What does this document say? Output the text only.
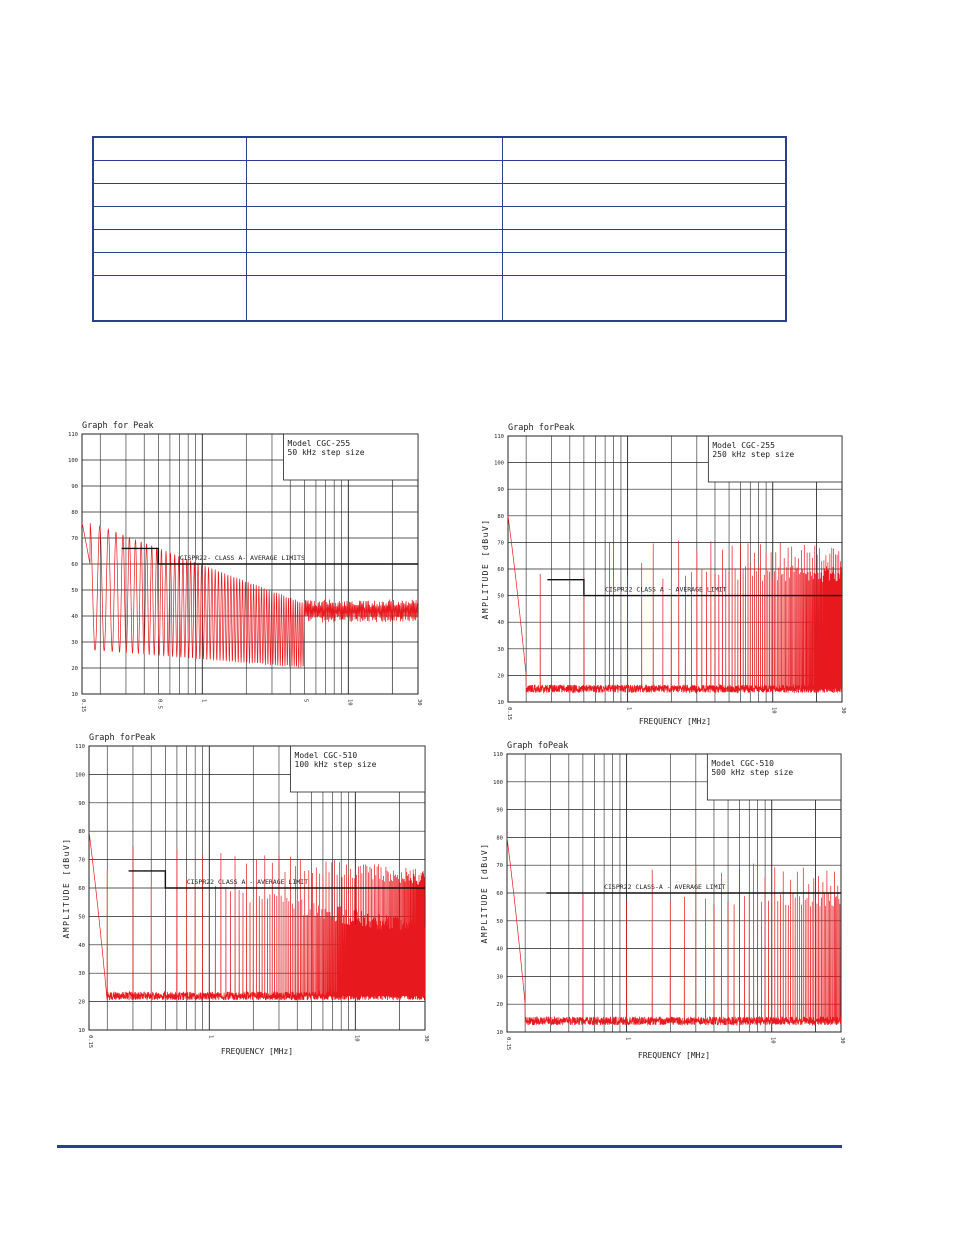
Graph for Peak
10
20
30
40
50
60
70
80
90
100
110
0.15	0.5	1	5	10	30
Model CGC-255
50 kHz step size
CISPR22- CLASS A- AVERAGE LIMITS
Graph forPeak
10
20
30
40
50
60
70
80
90
100
110
0.15	1	10	30
Model CGC-255
250 kHz step size
CISPR22 CLASS A - AVERAGE LIMIT
FREQUENCY [MHz]
AMPLITUDE [dBuV]
Graph forPeak
10
20
30
40
50
60
70
80
90
100
110
0.15	1	10	30
Model CGC-510
100 kHz step size
CISPR22 CLASS A - AVERAGE LIMIT
FREQUENCY [MHz]
AMPLITUDE [dBuV]
Graph foPeak
10
20
30
40
50
60
70
80
90
100
110
0.15	1	10	30
Model CGC-510
500 kHz step size
CISPR22 CLASS-A - AVERAGE LIMIT
FREQUENCY [MHz]
AMPLITUDE [dBuV]
